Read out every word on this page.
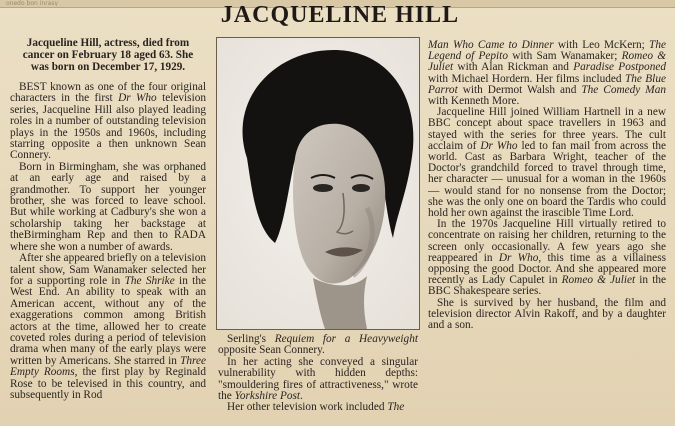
onedo bon inrasy	JACQUELINE HILL

Jacqueline Hill, actress, died from cancer on February 18 aged 63. She was born on December 17, 1929.

BEST known as one of the four original characters in the first Dr Who television series, Jacqueline Hill also played leading roles in a number of outstanding television plays in the 1950s and 1960s, including starring opposite a then unknown Sean Connery.

Born in Birmingham, she was orphaned at an early age and raised by a grandmother. To support her younger brother, she was forced to leave school. But while working at Cadbury's she won a scholarship taking her backstage at theBirmingham Rep and then to RADA where she won a number of awards.

After she appeared briefly on a television talent show, Sam Wanamaker selected her for a supporting role in The Shrike in the West End. An ability to speak with an American accent, without any of the exaggerations common among British actors at the time, allowed her to create coveted roles during a period of television drama when many of the early plays were written by Americans. She starred in Three Empty Rooms, the first play by Reginald Rose to be televised in this country, and subsequently in Rod

Serling's Requiem for a Heavyweight opposite Sean Connery.

In her acting she conveyed a singular vulnerability with hidden depths: "smouldering fires of attractiveness," wrote the Yorkshire Post.

Her other television work included The

Man Who Came to Dinner with Leo McKern; The Legend of Pepito with Sam Wanamaker; Romeo & Juliet with Alan Rickman and Paradise Postponed with Michael Hordern. Her films included The Blue Parrot with Dermot Walsh and The Comedy Man with Kenneth More.

Jacqueline Hill joined William Hartnell in a new BBC concept about space travellers in 1963 and stayed with the series for three years. The cult acclaim of Dr Who led to fan mail from across the world. Cast as Barbara Wright, teacher of the Doctor's grandchild forced to travel through time, her character — unusual for a woman in the 1960s — would stand for no nonsense from the Doctor; she was the only one on board the Tardis who could hold her own against the irascible Time Lord.

In the 1970s Jacqueline Hill virtually retired to concentrate on raising her children, returning to the screen only occasionally. A few years ago she reappeared in Dr Who, this time as a villainess opposing the good Doctor. And she appeared more recently as Lady Capulet in Romeo & Juliet in the BBC Shakespeare series.

She is survived by her husband, the film and television director Alvin Rakoff, and by a daughter and a son.
